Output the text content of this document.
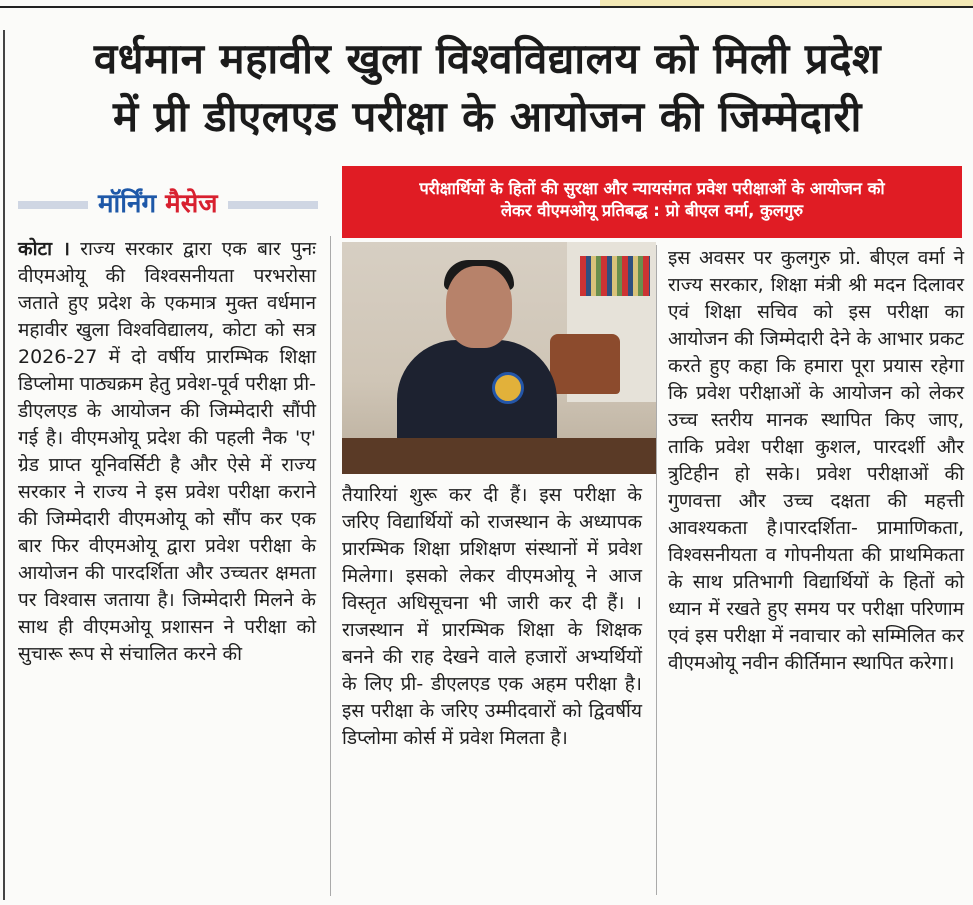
वर्धमान महावीर खुला विश्वविद्यालय को मिली प्रदेश
में प्री डीएलएड परीक्षा के आयोजन की जिम्मेदारी
मॉर्निंग मैसेज
परीक्षार्थियों के हितों की सुरक्षा और न्यायसंगत प्रवेश परीक्षाओं के आयोजन को
लेकर वीएमओयू प्रतिबद्ध : प्रो बीएल वर्मा, कुलगुरु

कोटा । राज्य सरकार द्वारा एक बार पुनः वीएमओयू की विश्वसनीयता परभरोसा जताते हुए प्रदेश के एकमात्र मुक्त वर्धमान महावीर खुला विश्वविद्यालय, कोटा को सत्र 2026-27 में दो वर्षीय प्रारम्भिक शिक्षा डिप्लोमा पाठ्यक्रम हेतु प्रवेश-पूर्व परीक्षा प्री-डीएलएड के आयोजन की जिम्मेदारी सौंपी गई है। वीएमओयू प्रदेश की पहली नैक 'ए' ग्रेड प्राप्त यूनिवर्सिटी है और ऐसे में राज्य सरकार ने राज्य ने इस प्रवेश परीक्षा कराने की जिम्मेदारी वीएमओयू को सौंप कर एक बार फिर वीएमओयू द्वारा प्रवेश परीक्षा के आयोजन की पारदर्शिता और उच्चतर क्षमता पर विश्वास जताया है। जिम्मेदारी मिलने के साथ ही वीएमओयू प्रशासन ने परीक्षा को सुचारू रूप से संचालित करने की

तैयारियां शुरू कर दी हैं। इस परीक्षा के जरिए विद्यार्थियों को राजस्थान के अध्यापक प्रारम्भिक शिक्षा प्रशिक्षण संस्थानों में प्रवेश मिलेगा। इसको लेकर वीएमओयू ने आज विस्तृत अधिसूचना भी जारी कर दी हैं। । राजस्थान में प्रारम्भिक शिक्षा के शिक्षक बनने की राह देखने वाले हजारों अभ्यर्थियों के लिए प्री- डीएलएड एक अहम परीक्षा है। इस परीक्षा के जरिए उम्मीदवारों को द्विवर्षीय डिप्लोमा कोर्स में प्रवेश मिलता है।

इस अवसर पर कुलगुरु प्रो. बीएल वर्मा ने राज्य सरकार, शिक्षा मंत्री श्री मदन दिलावर एवं शिक्षा सचिव को इस परीक्षा का आयोजन की जिम्मेदारी देने के आभार प्रकट करते हुए कहा कि हमारा पूरा प्रयास रहेगा कि प्रवेश परीक्षाओं के आयोजन को लेकर उच्च स्तरीय मानक स्थापित किए जाए, ताकि प्रवेश परीक्षा कुशल, पारदर्शी और त्रुटिहीन हो सके। प्रवेश परीक्षाओं की गुणवत्ता और उच्च दक्षता की महत्ती आवश्यकता है।पारदर्शिता- प्रामाणिकता, विश्वसनीयता व गोपनीयता की प्राथमिकता के साथ प्रतिभागी विद्यार्थियों के हितों को ध्यान में रखते हुए समय पर परीक्षा परिणाम एवं इस परीक्षा में नवाचार को सम्मिलित कर वीएमओयू नवीन कीर्तिमान स्थापित करेगा।
